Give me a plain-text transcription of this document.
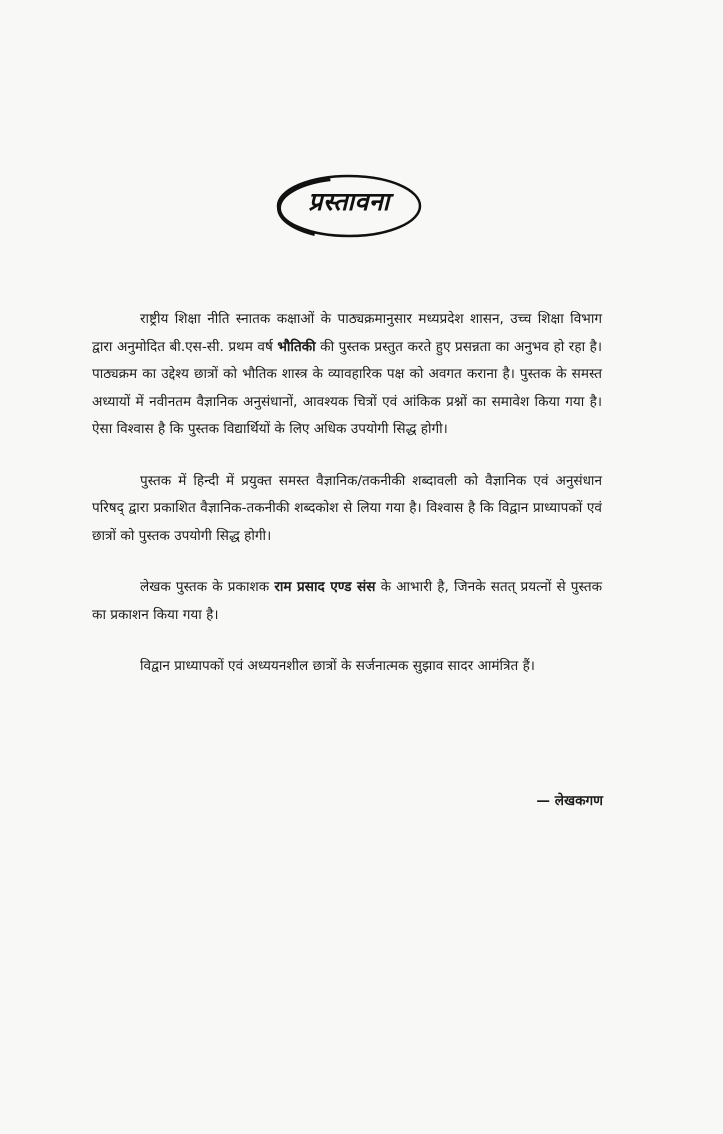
प्रस्तावना

राष्ट्रीय शिक्षा नीति स्नातक कक्षाओं के पाठ्यक्रमानुसार मध्यप्रदेश शासन, उच्च शिक्षा विभाग द्वारा अनुमोदित बी.एस-सी. प्रथम वर्ष भौतिकी की पुस्तक प्रस्तुत करते हुए प्रसन्नता का अनुभव हो रहा है। पाठ्यक्रम का उद्देश्य छात्रों को भौतिक शास्त्र के व्यावहारिक पक्ष को अवगत कराना है। पुस्तक के समस्त अध्यायों में नवीनतम वैज्ञानिक अनुसंधानों, आवश्यक चित्रों एवं आंकिक प्रश्नों का समावेश किया गया है। ऐसा विश्वास है कि पुस्तक विद्यार्थियों के लिए अधिक उपयोगी सिद्ध होगी।

पुस्तक में हिन्दी में प्रयुक्त समस्त वैज्ञानिक/तकनीकी शब्दावली को वैज्ञानिक एवं अनुसंधान परिषद् द्वारा प्रकाशित वैज्ञानिक-तकनीकी शब्दकोश से लिया गया है। विश्वास है कि विद्वान प्राध्यापकों एवं छात्रों को पुस्तक उपयोगी सिद्ध होगी।

लेखक पुस्तक के प्रकाशक राम प्रसाद एण्ड संस के आभारी है, जिनके सतत् प्रयत्नों से पुस्तक का प्रकाशन किया गया है।

विद्वान प्राध्यापकों एवं अध्ययनशील छात्रों के सर्जनात्मक सुझाव सादर आमंत्रित हैं।

— लेखकगण
